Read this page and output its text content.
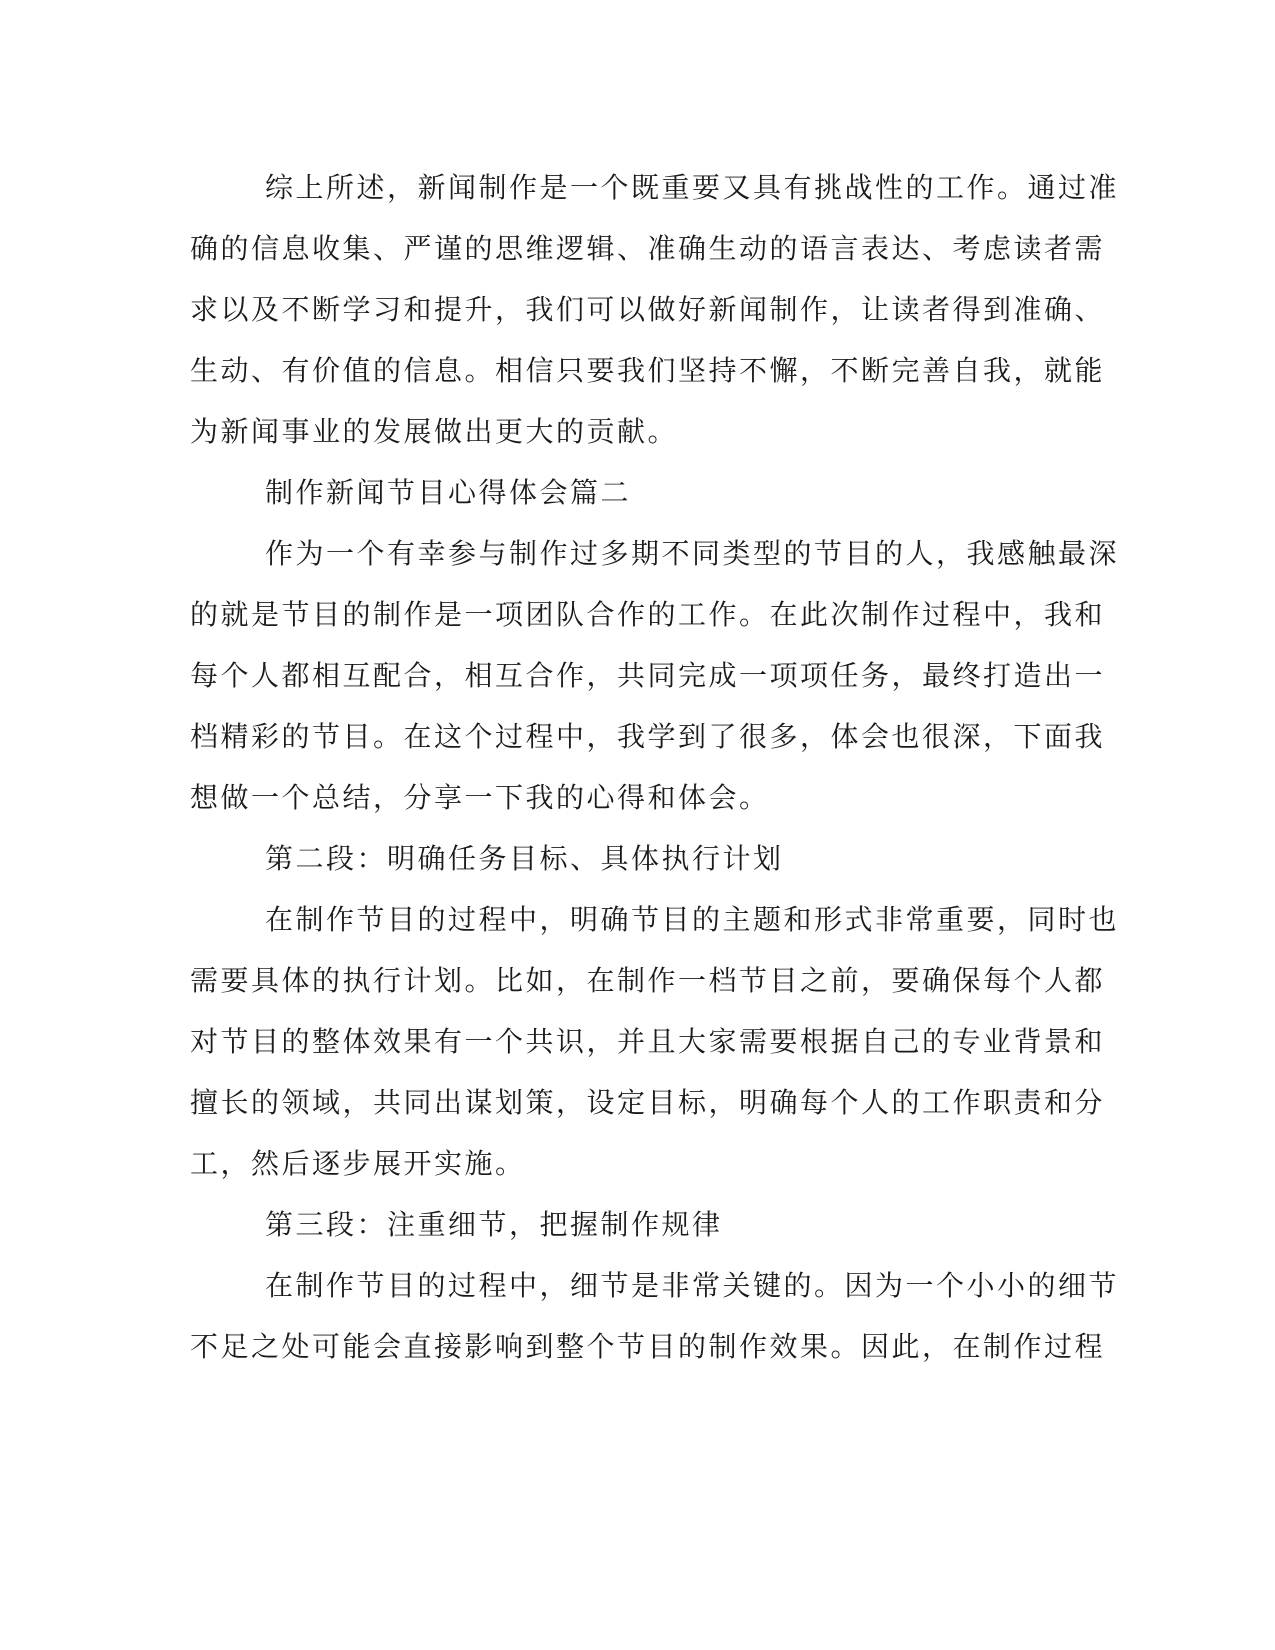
综上所述，新闻制作是一个既重要又具有挑战性的工作。通过准
确的信息收集、严谨的思维逻辑、准确生动的语言表达、考虑读者需
求以及不断学习和提升，我们可以做好新闻制作，让读者得到准确、
生动、有价值的信息。相信只要我们坚持不懈，不断完善自我，就能
为新闻事业的发展做出更大的贡献。
制作新闻节目心得体会篇二
作为一个有幸参与制作过多期不同类型的节目的人，我感触最深
的就是节目的制作是一项团队合作的工作。在此次制作过程中，我和
每个人都相互配合，相互合作，共同完成一项项任务，最终打造出一
档精彩的节目。在这个过程中，我学到了很多，体会也很深，下面我
想做一个总结，分享一下我的心得和体会。
第二段：明确任务目标、具体执行计划
在制作节目的过程中，明确节目的主题和形式非常重要，同时也
需要具体的执行计划。比如，在制作一档节目之前，要确保每个人都
对节目的整体效果有一个共识，并且大家需要根据自己的专业背景和
擅长的领域，共同出谋划策，设定目标，明确每个人的工作职责和分
工，然后逐步展开实施。
第三段：注重细节，把握制作规律
在制作节目的过程中，细节是非常关键的。因为一个小小的细节
不足之处可能会直接影响到整个节目的制作效果。因此，在制作过程
